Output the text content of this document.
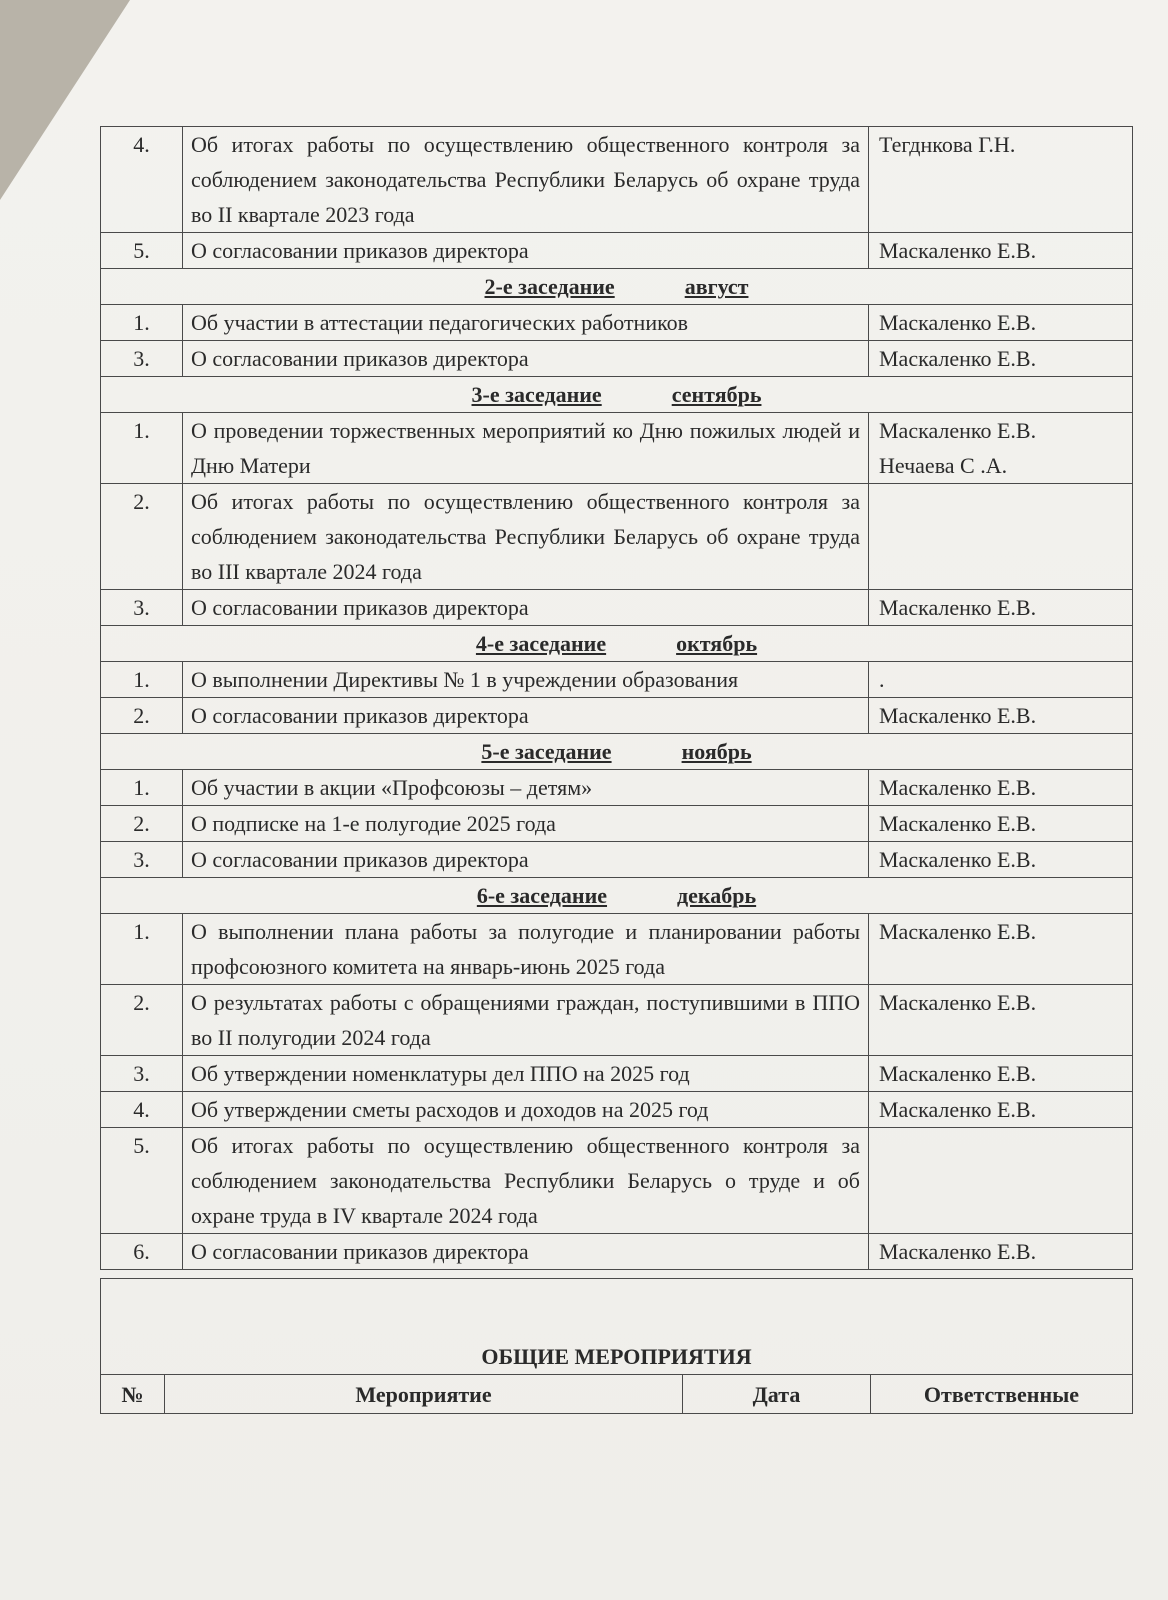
4.	Об итогах работы по осуществлению общественного контроля за соблюдением законодательства Республики Беларусь об охране труда во II квартале 2023 года	Тегднкова Г.Н.
5.	О согласовании приказов директора	Маскаленко Е.В.
2-е заседание август		
1.	Об участии в аттестации педагогических работников	Маскаленко Е.В.
3.	О согласовании приказов директора	Маскаленко Е.В.
3-е заседание сентябрь		
1.	О проведении торжественных мероприятий ко Дню пожилых людей и Дню Матери	Маскаленко Е.В.
Нечаева С .А.
2.	Об итогах работы по осуществлению общественного контроля за соблюдением законодательства Республики Беларусь об охране труда во III квартале 2024 года	
3.	О согласовании приказов директора	Маскаленко Е.В.
4-е заседание октябрь		
1.	О выполнении Директивы № 1 в учреждении образования	.
2.	О согласовании приказов директора	Маскаленко Е.В.
5-е заседание ноябрь		
1.	Об участии в акции «Профсоюзы – детям»	Маскаленко Е.В.
2.	О подписке на 1-е полугодие 2025 года	Маскаленко Е.В.
3.	О согласовании приказов директора	Маскаленко Е.В.
6-е заседание декабрь		
1.	О выполнении плана работы за полугодие и планировании работы профсоюзного комитета на январь-июнь 2025 года	Маскаленко Е.В.
2.	О результатах работы с обращениями граждан, поступившими в ППО во II полугодии 2024 года	Маскаленко Е.В.
3.	Об утверждении номенклатуры дел ППО на 2025 год	Маскаленко Е.В.
4.	Об утверждении сметы расходов и доходов на 2025 год	Маскаленко Е.В.
5.	Об итогах работы по осуществлению общественного контроля за соблюдением законодательства Республики Беларусь о труде и об охране труда в IV квартале 2024 года	
6.	О согласовании приказов директора	Маскаленко Е.В.

ОБЩИЕ МЕРОПРИЯТИЯ
№	Мероприятие	Дата	Ответственные
